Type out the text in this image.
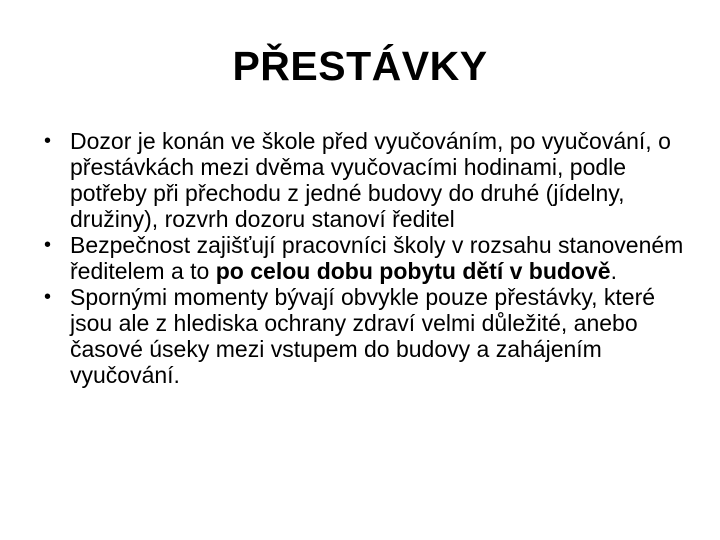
PŘESTÁVKY
• Dozor je konán ve škole před vyučováním, po vyučování, o přestávkách mezi dvěma vyučovacími hodinami, podle potřeby při přechodu z jedné budovy do druhé (jídelny, družiny), rozvrh dozoru stanoví ředitel
• Bezpečnost zajišťují pracovníci školy v rozsahu stanoveném ředitelem a to po celou dobu pobytu dětí v budově.
• Spornými momenty bývají obvykle pouze přestávky, které jsou ale z hlediska ochrany zdraví velmi důležité, anebo časové úseky mezi vstupem do budovy a zahájením vyučování.
